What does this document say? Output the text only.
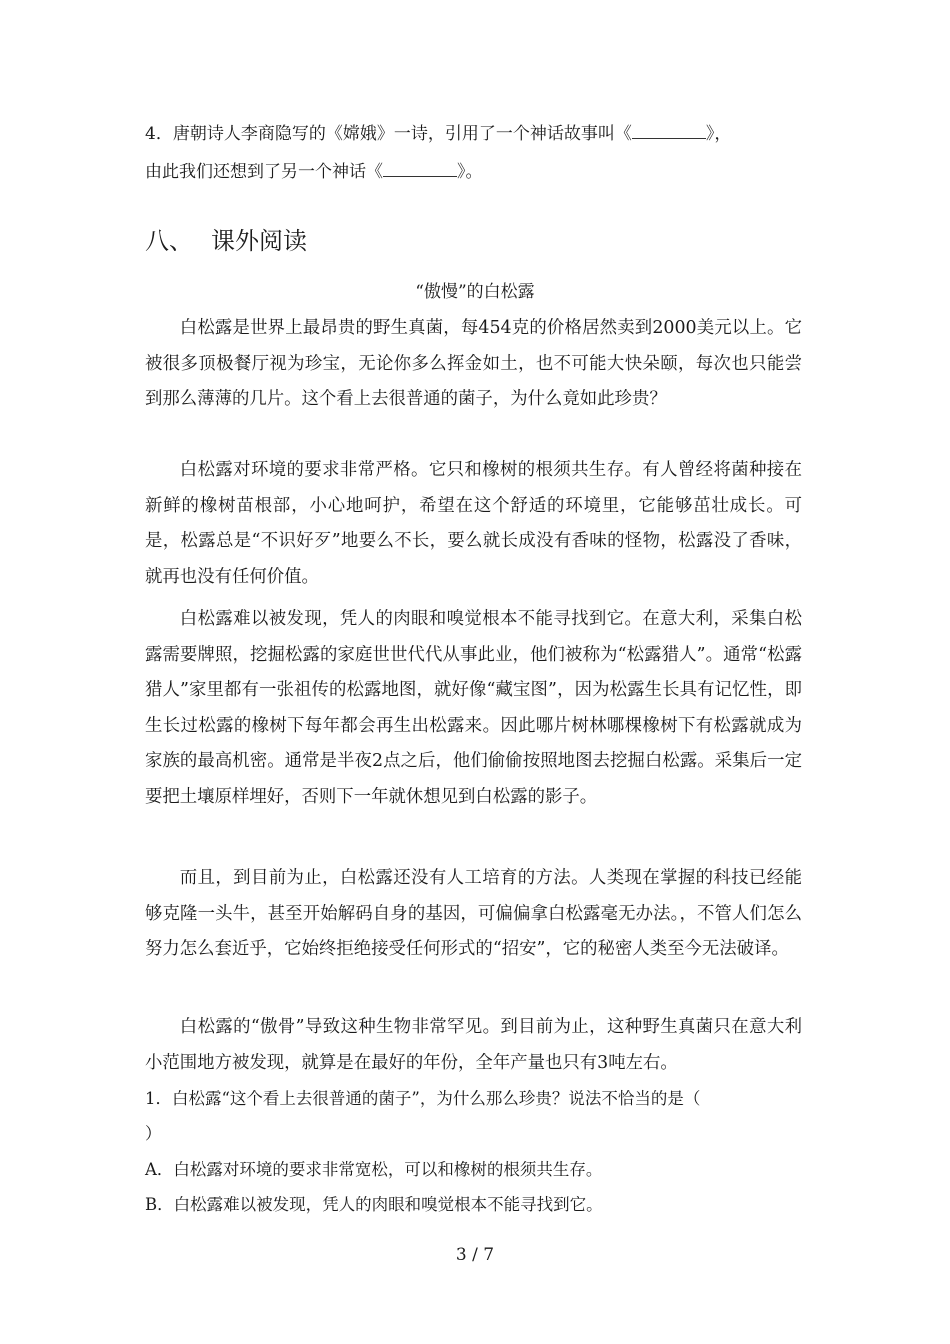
4．唐朝诗人李商隐写的《嫦娥》一诗，引用了一个神话故事叫《	》，
由此我们还想到了另一个神话《	》。
八、 课外阅读
“傲慢”的白松露

白松露是世界上最昂贵的野生真菌，每454克的价格居然卖到2000美元以上。它被很多顶极餐厅视为珍宝，无论你多么挥金如土，也不可能大快朵颐，每次也只能尝到那么薄薄的几片。这个看上去很普通的菌子，为什么竟如此珍贵？

白松露对环境的要求非常严格。它只和橡树的根须共生存。有人曾经将菌种接在新鲜的橡树苗根部，小心地呵护，希望在这个舒适的环境里，它能够茁壮成长。可是，松露总是“不识好歹”地要么不长，要么就长成没有香味的怪物，松露没了香味，就再也没有任何价值。

白松露难以被发现，凭人的肉眼和嗅觉根本不能寻找到它。在意大利，采集白松露需要牌照，挖掘松露的家庭世世代代从事此业，他们被称为“松露猎人”。通常“松露猎人”家里都有一张祖传的松露地图，就好像“藏宝图”，因为松露生长具有记忆性，即生长过松露的橡树下每年都会再生出松露来。因此哪片树林哪棵橡树下有松露就成为家族的最高机密。通常是半夜2点之后，他们偷偷按照地图去挖掘白松露。采集后一定要把土壤原样埋好，否则下一年就休想见到白松露的影子。

而且，到目前为止，白松露还没有人工培育的方法。人类现在掌握的科技已经能够克隆一头牛，甚至开始解码自身的基因，可偏偏拿白松露毫无办法。，不管人们怎么努力怎么套近乎，它始终拒绝接受任何形式的“招安”，它的秘密人类至今无法破译。

白松露的“傲骨”导致这种生物非常罕见。到目前为止，这种野生真菌只在意大利小范围地方被发现，就算是在最好的年份，全年产量也只有3吨左右。

1．白松露“这个看上去很普通的菌子”，为什么那么珍贵？说法不恰当的是（
）
A．白松露对环境的要求非常宽松，可以和橡树的根须共生存。
B．白松露难以被发现，凭人的肉眼和嗅觉根本不能寻找到它。
3 / 7
